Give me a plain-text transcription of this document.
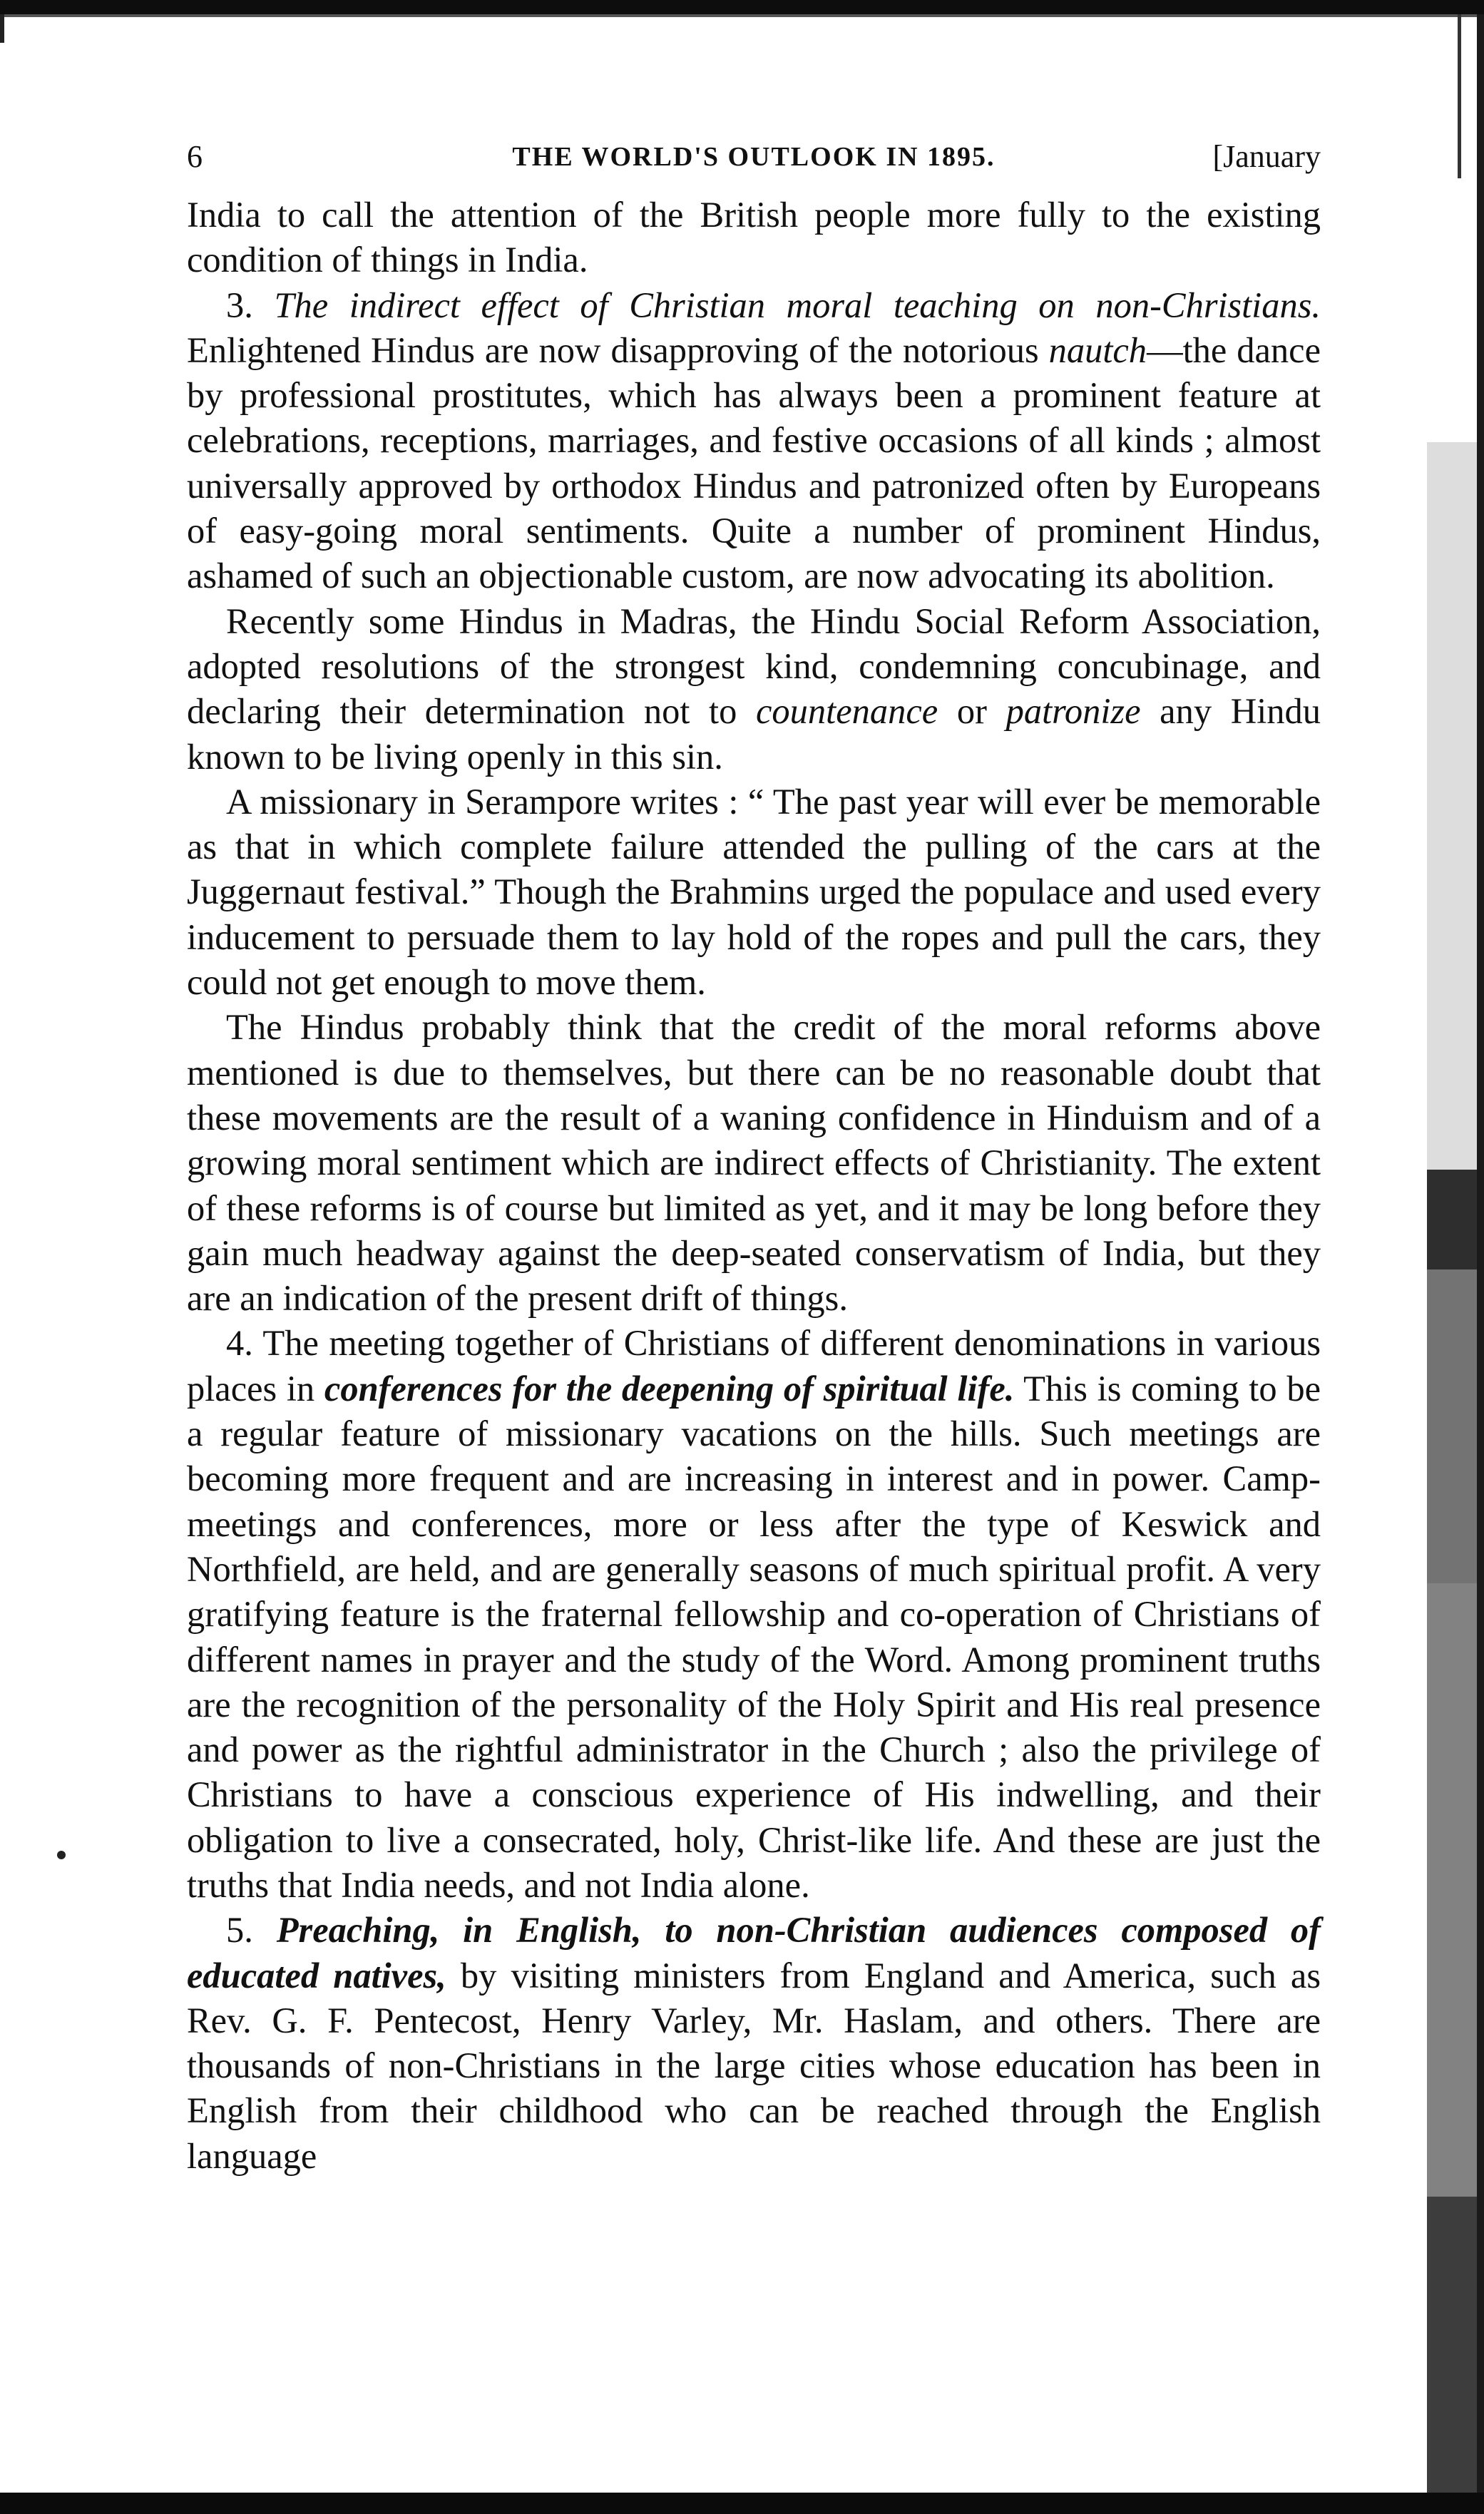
6	THE WORLD'S OUTLOOK IN 1895.	[January

India to call the attention of the British people more fully to the existing condition of things in India.

3. The indirect effect of Christian moral teaching on non-Christians. Enlightened Hindus are now disapproving of the notorious nautch—the dance by professional prostitutes, which has always been a prominent feature at celebrations, receptions, marriages, and festive occasions of all kinds ; almost universally approved by orthodox Hindus and patronized often by Europeans of easy-going moral sentiments. Quite a number of prominent Hindus, ashamed of such an objectionable custom, are now advocating its abolition.

Recently some Hindus in Madras, the Hindu Social Reform Association, adopted resolutions of the strongest kind, condemning concubinage, and declaring their determination not to countenance or patronize any Hindu known to be living openly in this sin.

A missionary in Serampore writes : “ The past year will ever be memorable as that in which complete failure attended the pulling of the cars at the Juggernaut festival.” Though the Brahmins urged the populace and used every inducement to persuade them to lay hold of the ropes and pull the cars, they could not get enough to move them.

The Hindus probably think that the credit of the moral reforms above mentioned is due to themselves, but there can be no reasonable doubt that these movements are the result of a waning confidence in Hinduism and of a growing moral sentiment which are indirect effects of Christianity. The extent of these reforms is of course but limited as yet, and it may be long before they gain much headway against the deep-seated conservatism of India, but they are an indication of the present drift of things.

4. The meeting together of Christians of different denominations in various places in conferences for the deepening of spiritual life. This is coming to be a regular feature of missionary vacations on the hills. Such meetings are becoming more frequent and are increasing in interest and in power. Camp-meetings and conferences, more or less after the type of Keswick and Northfield, are held, and are generally seasons of much spiritual profit. A very gratifying feature is the fraternal fellowship and co-operation of Christians of different names in prayer and the study of the Word. Among prominent truths are the recognition of the personality of the Holy Spirit and His real presence and power as the rightful administrator in the Church ; also the privilege of Christians to have a conscious experience of His indwelling, and their obligation to live a consecrated, holy, Christ-like life. And these are just the truths that India needs, and not India alone.

5. Preaching, in English, to non-Christian audiences composed of educated natives, by visiting ministers from England and America, such as Rev. G. F. Pentecost, Henry Varley, Mr. Haslam, and others. There are thousands of non-Christians in the large cities whose education has been in English from their childhood who can be reached through the English language
